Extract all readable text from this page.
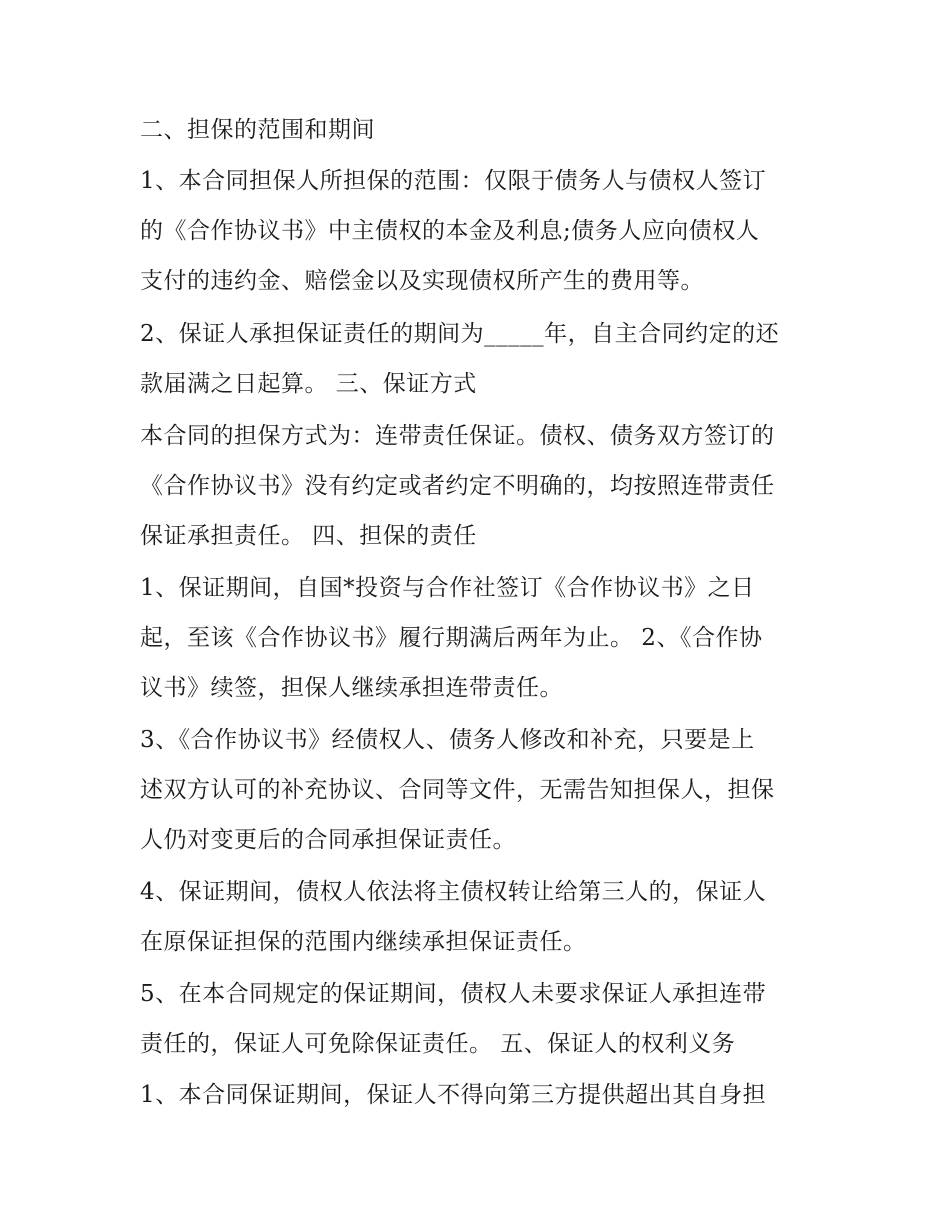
二、担保的范围和期间
1、本合同担保人所担保的范围：仅限于债务人与债权人签订
的《合作协议书》中主债权的本金及利息;债务人应向债权人
支付的违约金、赔偿金以及实现债权所产生的费用等。
2、保证人承担保证责任的期间为_____年，自主合同约定的还
款届满之日起算。 三、保证方式
本合同的担保方式为：连带责任保证。债权、债务双方签订的
《合作协议书》没有约定或者约定不明确的，均按照连带责任
保证承担责任。 四、担保的责任
1、保证期间，自国*投资与合作社签订《合作协议书》之日
起，至该《合作协议书》履行期满后两年为止。 2、《合作协
议书》续签，担保人继续承担连带责任。
3、《合作协议书》经债权人、债务人修改和补充，只要是上
述双方认可的补充协议、合同等文件，无需告知担保人，担保
人仍对变更后的合同承担保证责任。
4、保证期间，债权人依法将主债权转让给第三人的，保证人
在原保证担保的范围内继续承担保证责任。
5、在本合同规定的保证期间，债权人未要求保证人承担连带
责任的，保证人可免除保证责任。 五、保证人的权利义务
1、本合同保证期间，保证人不得向第三方提供超出其自身担
